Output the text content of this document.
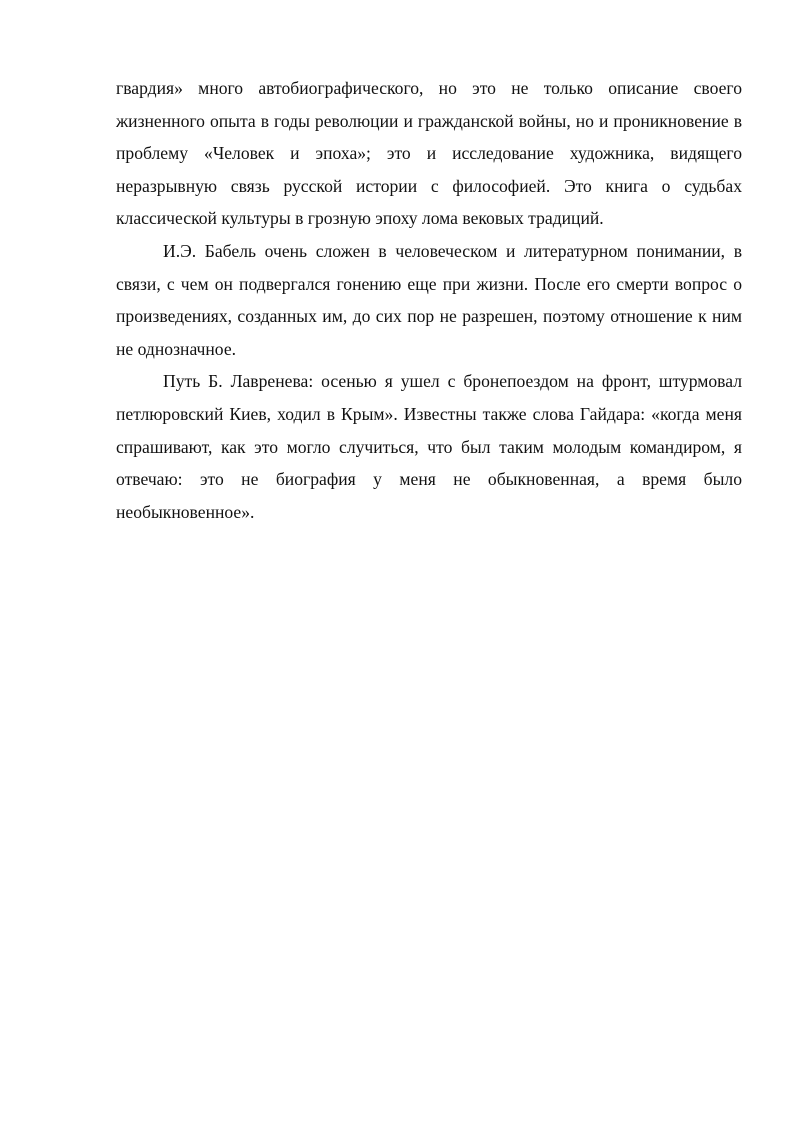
гвардия» много автобиографического, но это не только описание своего жизненного опыта в годы революции и гражданской войны, но и проникновение в проблему «Человек и эпоха»; это и исследование художника, видящего неразрывную связь русской истории с философией. Это книга о судьбах классической культуры в грозную эпоху лома вековых традиций.

И.Э. Бабель очень сложен в человеческом и литературном понимании, в связи, с чем он подвергался гонению еще при жизни. После его смерти вопрос о произведениях, созданных им, до сих пор не разрешен, поэтому отношение к ним не однозначное.

Путь Б. Лавренева: осенью я ушел с бронепоездом на фронт, штурмовал петлюровский Киев, ходил в Крым». Известны также слова Гайдара: «когда меня спрашивают, как это могло случиться, что был таким молодым командиром, я отвечаю: это не биография у меня не обыкновенная, а время было необыкновенное».
